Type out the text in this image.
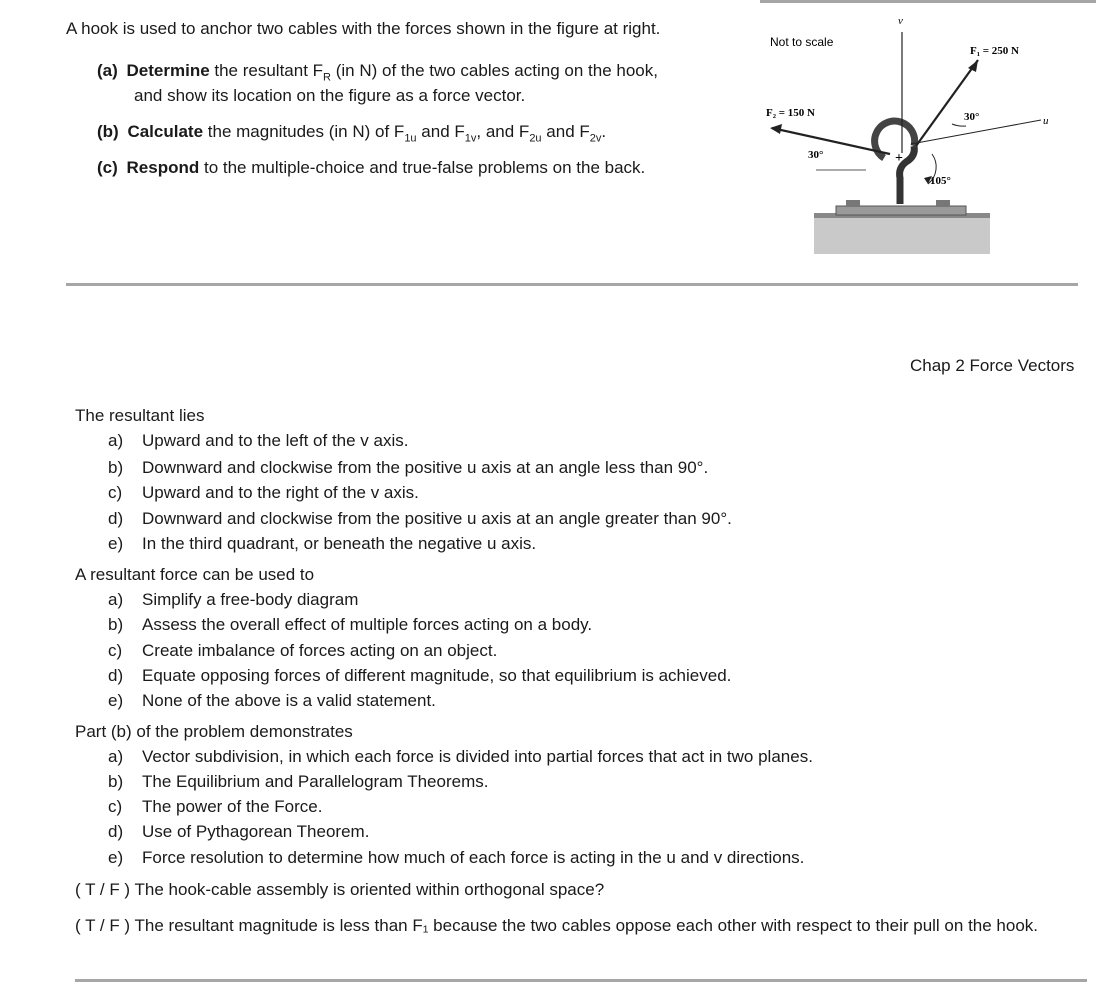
A hook is used to anchor two cables with the forces shown in the figure at right.
(a) Determine the resultant $F_R$ (in N) of the two cables acting on the hook,
and show its location on the figure as a force vector.
(b) Calculate the magnitudes (in N) of $F_{1u}$ and $F_{1v}$, and $F_{2u}$ and $F_{2v}$.
(c) Respond to the multiple-choice and true-false problems on the back.
v
u
F₁ = 250 N
30°
F₂ = 150 N
30°
105°
+
Not to scale
Chap 2 Force Vectors
The resultant lies
a) Upward and to the left of the v axis.
b) Downward and clockwise from the positive u axis at an angle less than 90°.
c) Upward and to the right of the v axis.
d) Downward and clockwise from the positive u axis at an angle greater than 90°.
e) In the third quadrant, or beneath the negative u axis.
A resultant force can be used to
a) Simplify a free-body diagram
b) Assess the overall effect of multiple forces acting on a body.
c) Create imbalance of forces acting on an object.
d) Equate opposing forces of different magnitude, so that equilibrium is achieved.
e) None of the above is a valid statement.
Part (b) of the problem demonstrates
a) Vector subdivision, in which each force is divided into partial forces that act in two planes.
b) The Equilibrium and Parallelogram Theorems.
c) The power of the Force.
d) Use of Pythagorean Theorem.
e) Force resolution to determine how much of each force is acting in the u and v directions.
( T / F ) The hook-cable assembly is oriented within orthogonal space?
( T / F ) The resultant magnitude is less than F₁ because the two cables oppose each other with respect to their pull on the hook.
